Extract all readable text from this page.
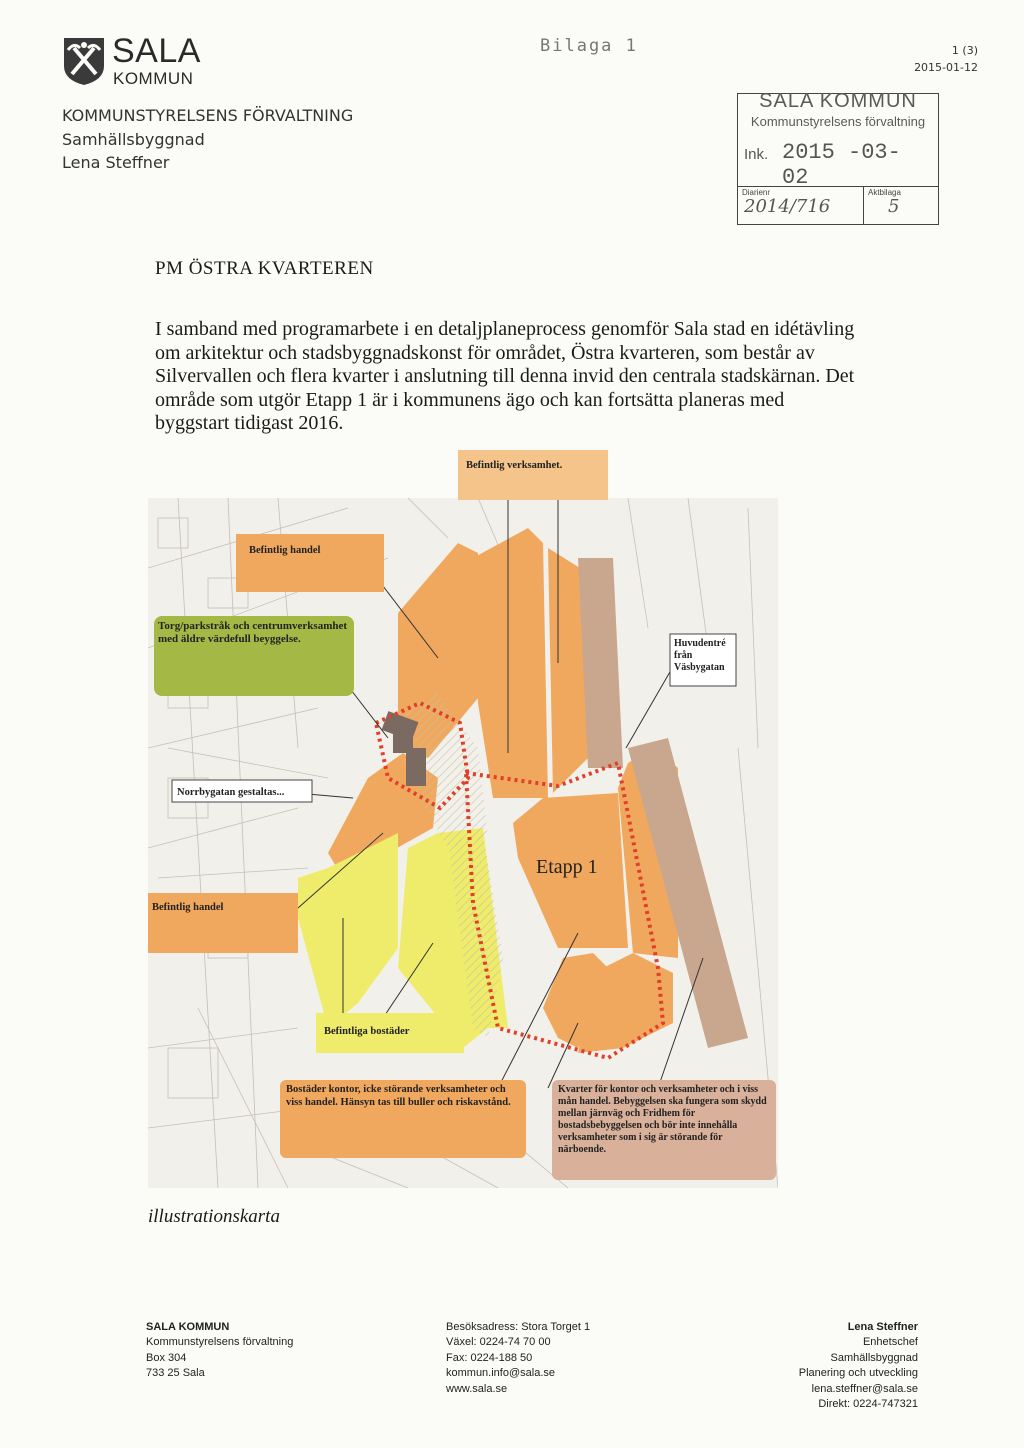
SALA
KOMMUN
KOMMUNSTYRELSENS FÖRVALTNING
Samhällsbyggnad
Lena Steffner
Bilaga 1	1 (3)
2015-01-12
SALA KOMMUN
Kommunstyrelsens förvaltning
Ink. 2015 -03- 02
Diarienr	Aktbilaga
2014/716	5
PM ÖSTRA KVARTEREN
I samband med programarbete i en detaljplaneprocess genomför Sala stad en idétävling om arkitektur och stadsbyggnadskonst för området, Östra kvarteren, som består av Silvervallen och flera kvarter i anslutning till denna invid den centrala stadskärnan. Det område som utgör Etapp 1 är i kommunens ägo och kan fortsätta planeras med byggstart tidigast 2016.
Befintlig verksamhet.
Befintlig handel
Torg/parkstråk och centrumverksamhet med äldre värdefull beyggelse.	Huvudentré från Väsbygatan
Norrbygatan gestaltas...
Etapp 1
Befintlig handel
Befintliga bostäder
Bostäder kontor, icke störande verksamheter och viss handel. Hänsyn tas till buller och riskavstånd.
Kvarter för kontor och verksamheter och i viss mån handel. Bebyggelsen ska fungera som skydd mellan järnväg och Fridhem för bostadsbebyggelsen och bör inte innehålla verksamheter som i sig är störande för närboende.
illustrationskarta
SALA KOMMUN
Kommunstyrelsens förvaltning
Box 304
733 25 Sala
Besöksadress: Stora Torget 1
Växel: 0224-74 70 00
Fax: 0224-188 50
kommun.info@sala.se
www.sala.se
Lena Steffner
Enhetschef
Samhällsbyggnad
Planering och utveckling
lena.steffner@sala.se
Direkt: 0224-747321
